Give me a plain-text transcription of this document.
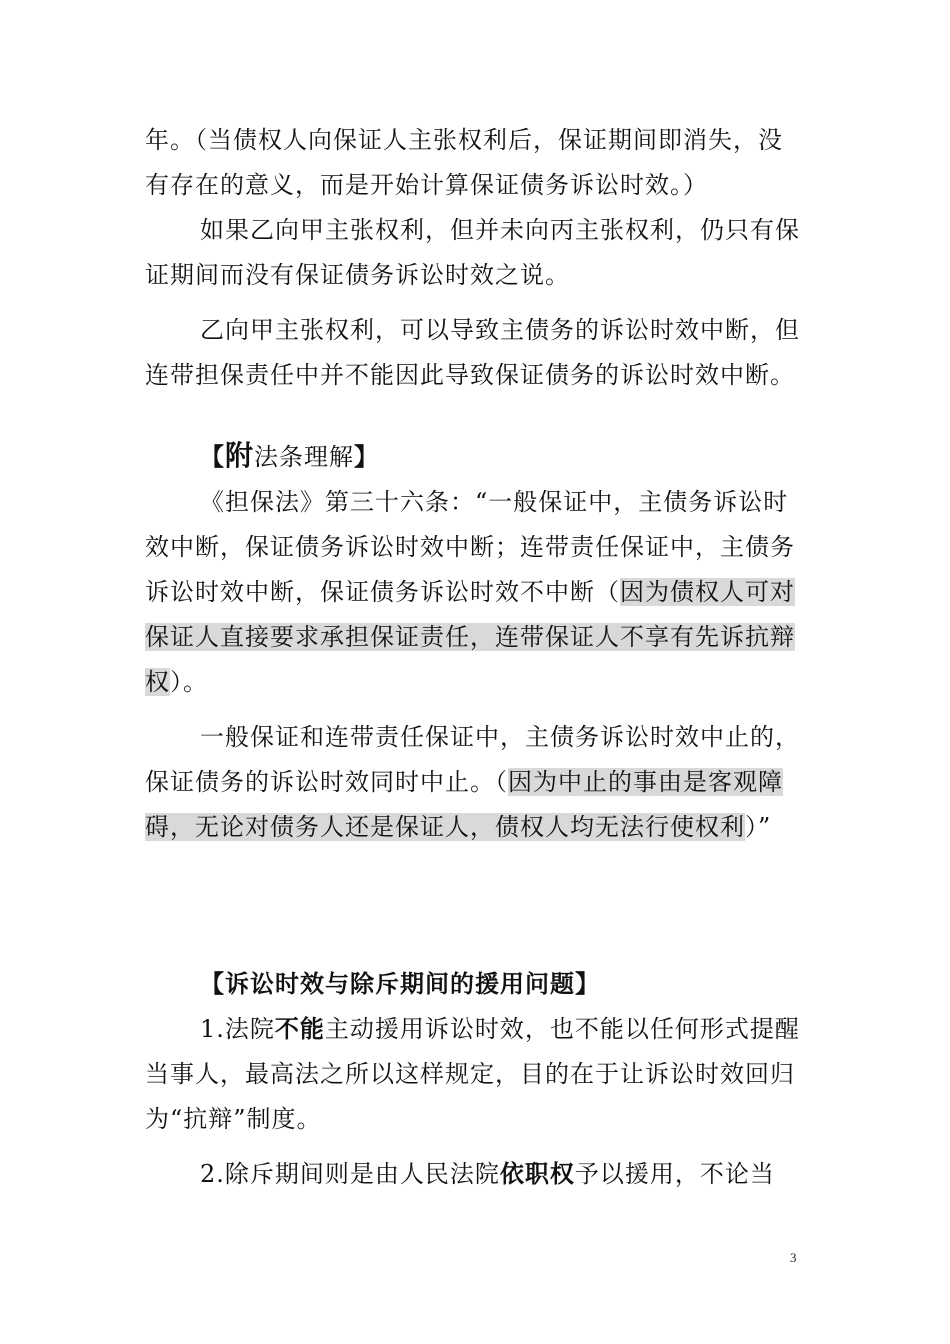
年。（当债权人向保证人主张权利后，保证期间即消失，没有存在的意义，而是开始计算保证债务诉讼时效。）

如果乙向甲主张权利，但并未向丙主张权利，仍只有保证期间而没有保证债务诉讼时效之说。

乙向甲主张权利，可以导致主债务的诉讼时效中断，但连带担保责任中并不能因此导致保证债务的诉讼时效中断。

【附法条理解】

《担保法》第三十六条：“一般保证中，主债务诉讼时效中断，保证债务诉讼时效中断；连带责任保证中，主债务诉讼时效中断，保证债务诉讼时效不中断（因为债权人可对保证人直接要求承担保证责任，连带保证人不享有先诉抗辩权）。

一般保证和连带责任保证中，主债务诉讼时效中止的，保证债务的诉讼时效同时中止。（因为中止的事由是客观障碍，无论对债务人还是保证人，债权人均无法行使权利）”

【诉讼时效与除斥期间的援用问题】

1.法院不能主动援用诉讼时效，也不能以任何形式提醒当事人，最高法之所以这样规定，目的在于让诉讼时效回归为“抗辩”制度。

2.除斥期间则是由人民法院依职权予以援用，不论当

3
